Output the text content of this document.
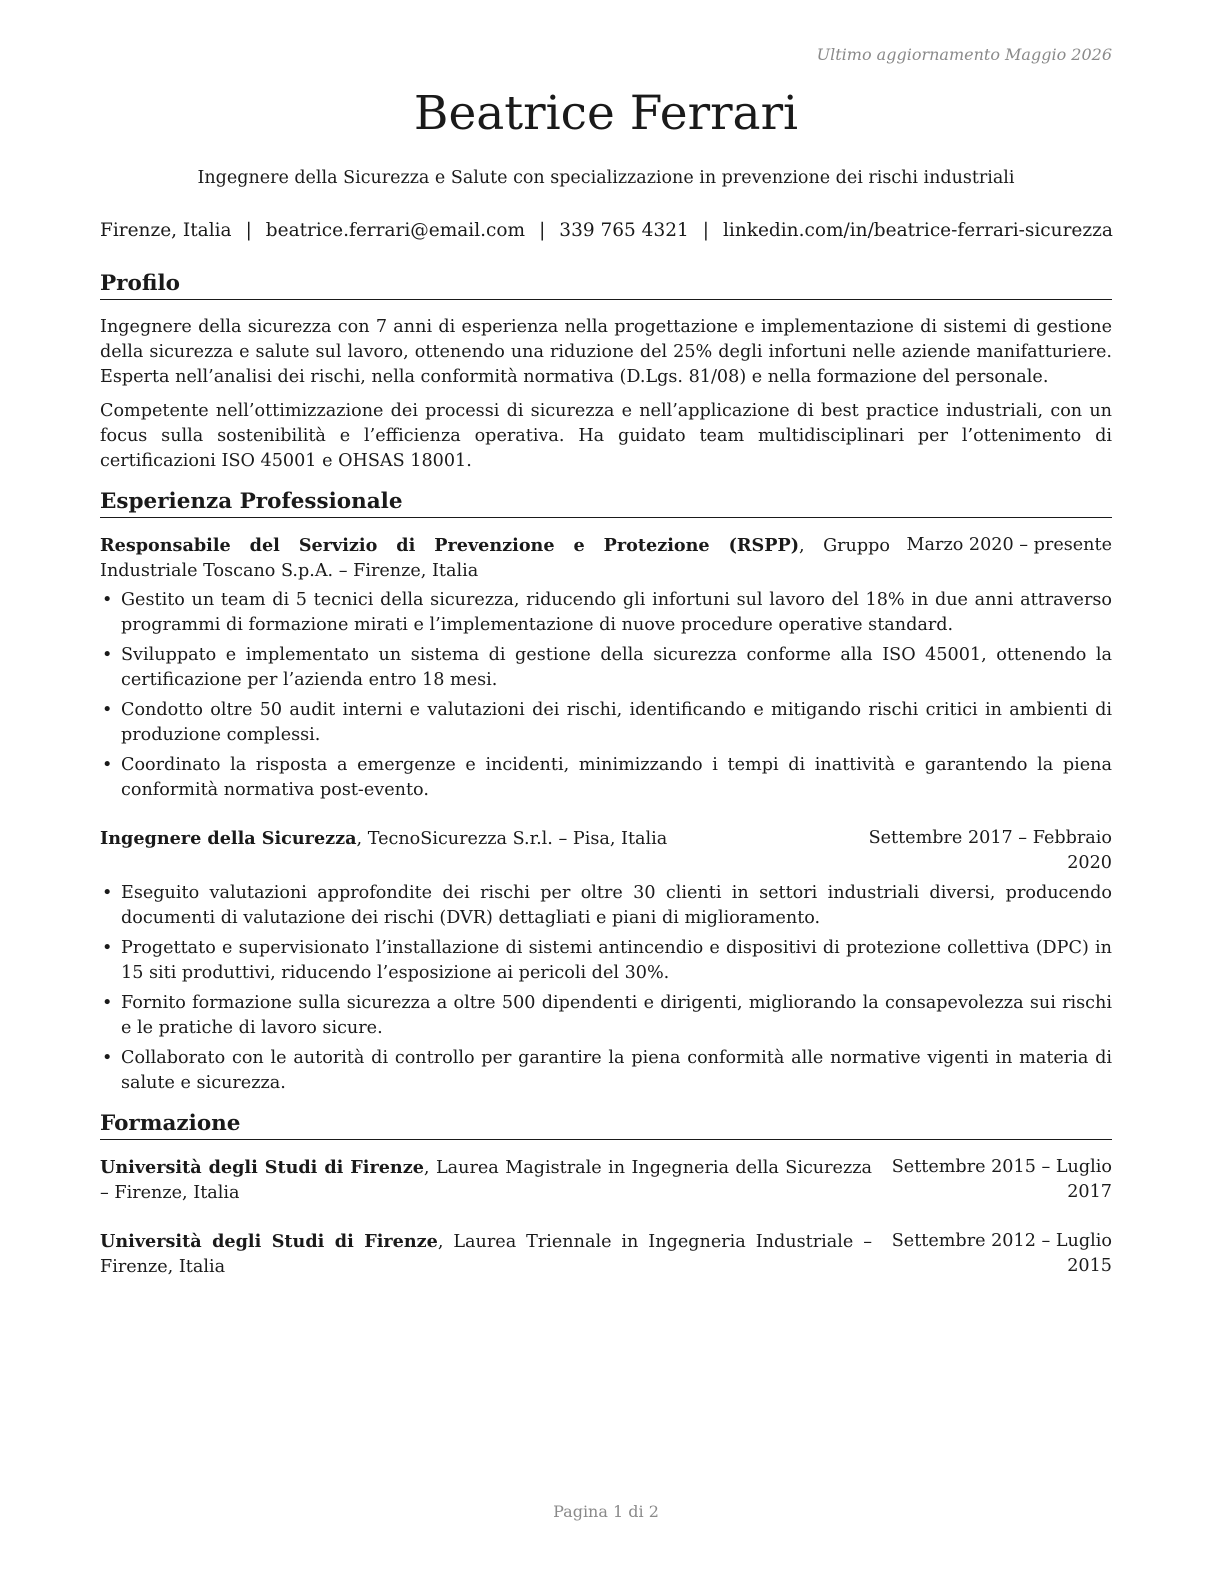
Ultimo aggiornamento Maggio 2026
Beatrice Ferrari
Ingegnere della Sicurezza e Salute con specializzazione in prevenzione dei rischi industriali
Firenze, Italia | beatrice.ferrari@email.com | 339 765 4321 | linkedin.com/in/beatrice-ferrari-sicurezza
Profilo
Ingegnere della sicurezza con 7 anni di esperienza nella progettazione e implementazione di sistemi di gestione della sicurezza e salute sul lavoro, ottenendo una riduzione del 25% degli infortuni nelle aziende manifatturiere. Esperta nell’analisi dei rischi, nella conformità normativa (D.Lgs. 81/08) e nella formazione del personale.
Competente nell’ottimizzazione dei processi di sicurezza e nell’applicazione di best practice industriali, con un focus sulla sostenibilità e l’efficienza operativa. Ha guidato team multidisciplinari per l’ottenimento di certificazioni ISO 45001 e OHSAS 18001.
Esperienza Professionale
Responsabile del Servizio di Prevenzione e Protezione (RSPP), Gruppo Industriale Toscano S.p.A. – Firenze, Italia
Marzo 2020 – presente
• Gestito un team di 5 tecnici della sicurezza, riducendo gli infortuni sul lavoro del 18% in due anni attraverso programmi di formazione mirati e l’implementazione di nuove procedure operative standard.
• Sviluppato e implementato un sistema di gestione della sicurezza conforme alla ISO 45001, ottenendo la certificazione per l’azienda entro 18 mesi.
• Condotto oltre 50 audit interni e valutazioni dei rischi, identificando e mitigando rischi critici in ambienti di produzione complessi.
• Coordinato la risposta a emergenze e incidenti, minimizzando i tempi di inattività e garantendo la piena conformità normativa post-evento.
Ingegnere della Sicurezza, TecnoSicurezza S.r.l. – Pisa, Italia	Settembre 2017 – Febbraio 2020
• Eseguito valutazioni approfondite dei rischi per oltre 30 clienti in settori industriali diversi, producendo documenti di valutazione dei rischi (DVR) dettagliati e piani di miglioramento.
• Progettato e supervisionato l’installazione di sistemi antincendio e dispositivi di protezione collettiva (DPC) in 15 siti produttivi, riducendo l’esposizione ai pericoli del 30%.
• Fornito formazione sulla sicurezza a oltre 500 dipendenti e dirigenti, migliorando la consapevolezza sui rischi e le pratiche di lavoro sicure.
• Collaborato con le autorità di controllo per garantire la piena conformità alle normative vigenti in materia di salute e sicurezza.
Formazione
Università degli Studi di Firenze, Laurea Magistrale in Ingegneria della Sicurezza – Firenze, Italia
Settembre 2015 – Luglio 2017
Università degli Studi di Firenze, Laurea Triennale in Ingegneria Industriale – Firenze, Italia
Settembre 2012 – Luglio 2015
Pagina 1 di 2
